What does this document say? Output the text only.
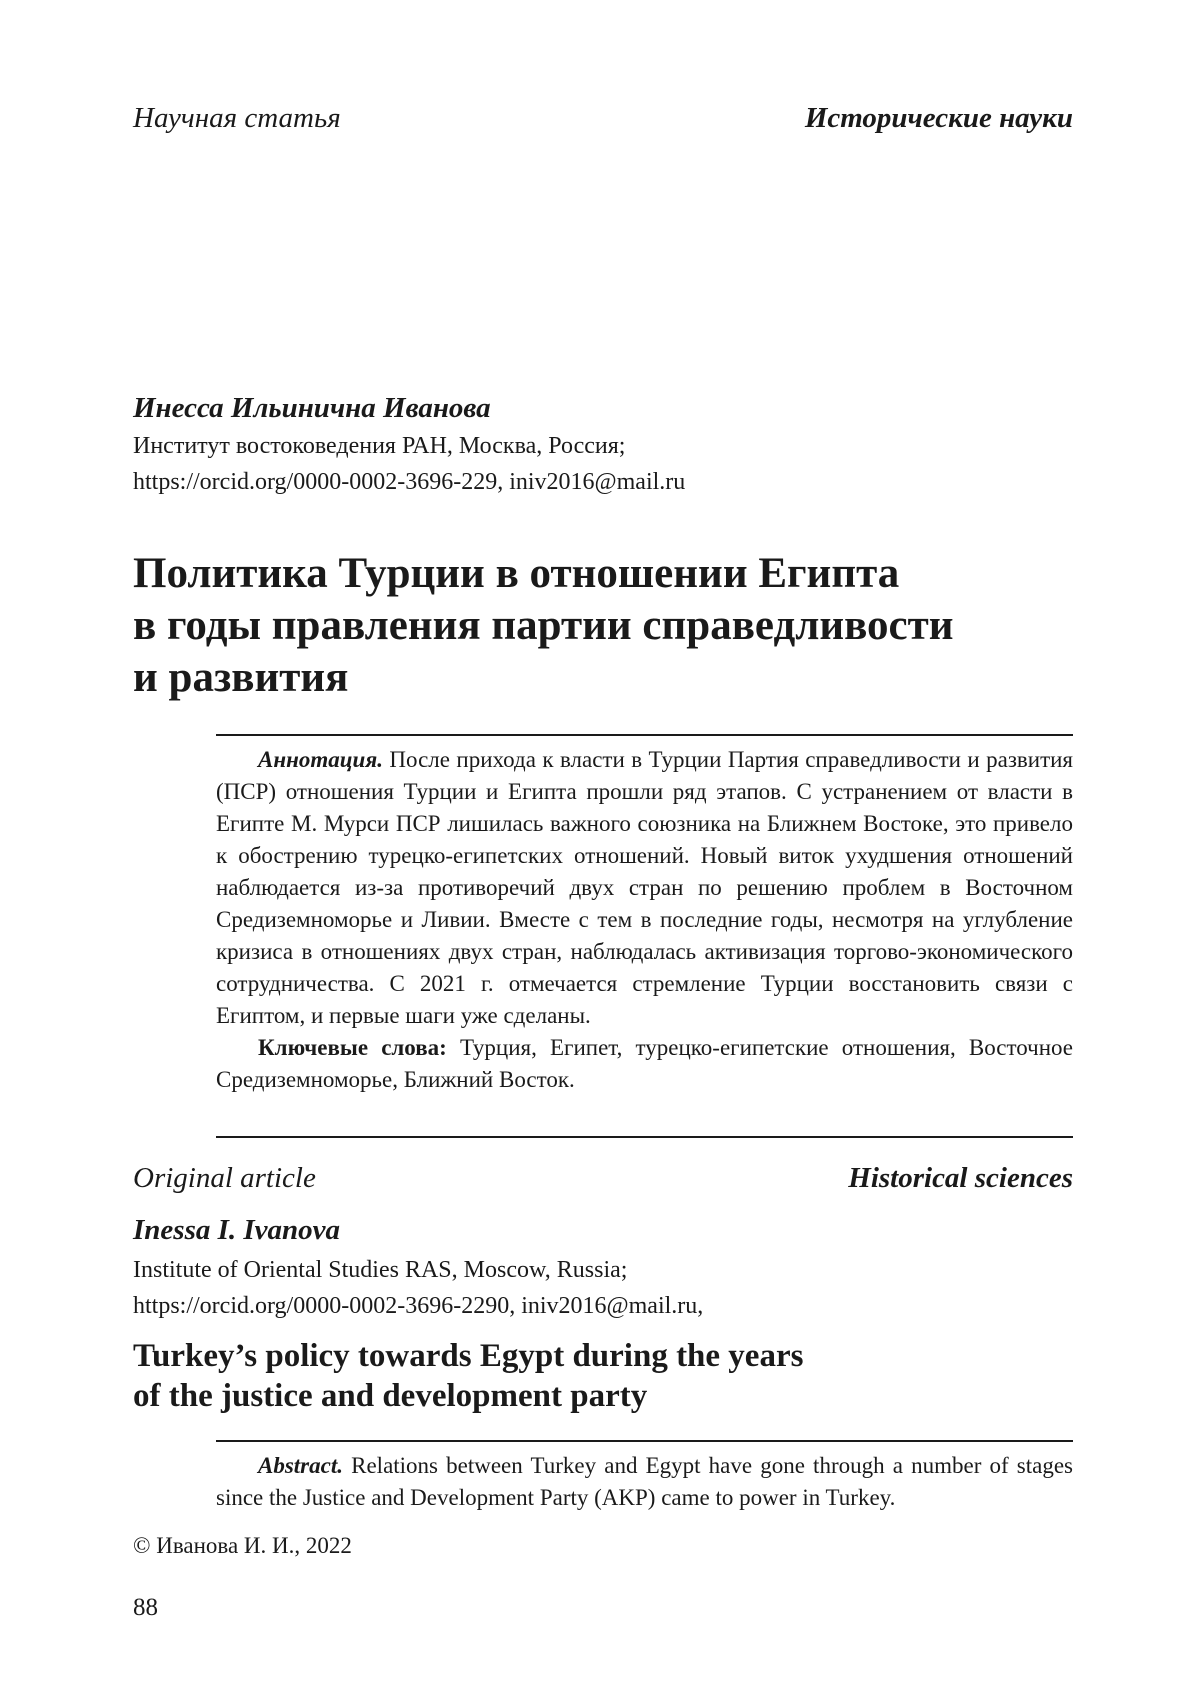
Научная статья	Исторические науки
Инесса Ильинична Иванова
Институт востоковедения РАН, Москва, Россия;
https://orcid.org/0000-0002-3696-229, iniv2016@mail.ru
Политика Турции в отношении Египта
в годы правления партии справедливости
и развития

Аннотация. После прихода к власти в Турции Партия справедливости и развития (ПСР) отношения Турции и Египта прошли ряд этапов. С устранением от власти в Египте М. Мурси ПСР лишилась важного союзника на Ближнем Востоке, это привело к обострению турецко-египетских отношений. Новый виток ухудшения отношений наблюдается из-за противоречий двух стран по решению проблем в Восточном Средиземноморье и Ливии. Вместе с тем в последние годы, несмотря на углубление кризиса в отношениях двух стран, наблюдалась активизация торгово-экономического сотрудничества. С 2021 г. отмечается стремление Турции восстановить связи с Египтом, и первые шаги уже сделаны.

Ключевые слова: Турция, Египет, турецко-египетские отношения, Восточное Средиземноморье, Ближний Восток.

Original article	Historical sciences
Inessa I. Ivanova
Institute of Oriental Studies RAS, Moscow, Russia;
https://orcid.org/0000-0002-3696-2290, iniv2016@mail.ru,
Turkey’s policy towards Egypt during the years
of the justice and development party

Abstract. Relations between Turkey and Egypt have gone through a number of stages since the Justice and Development Party (AKP) came to power in Turkey.

© Иванова И. И., 2022
88
